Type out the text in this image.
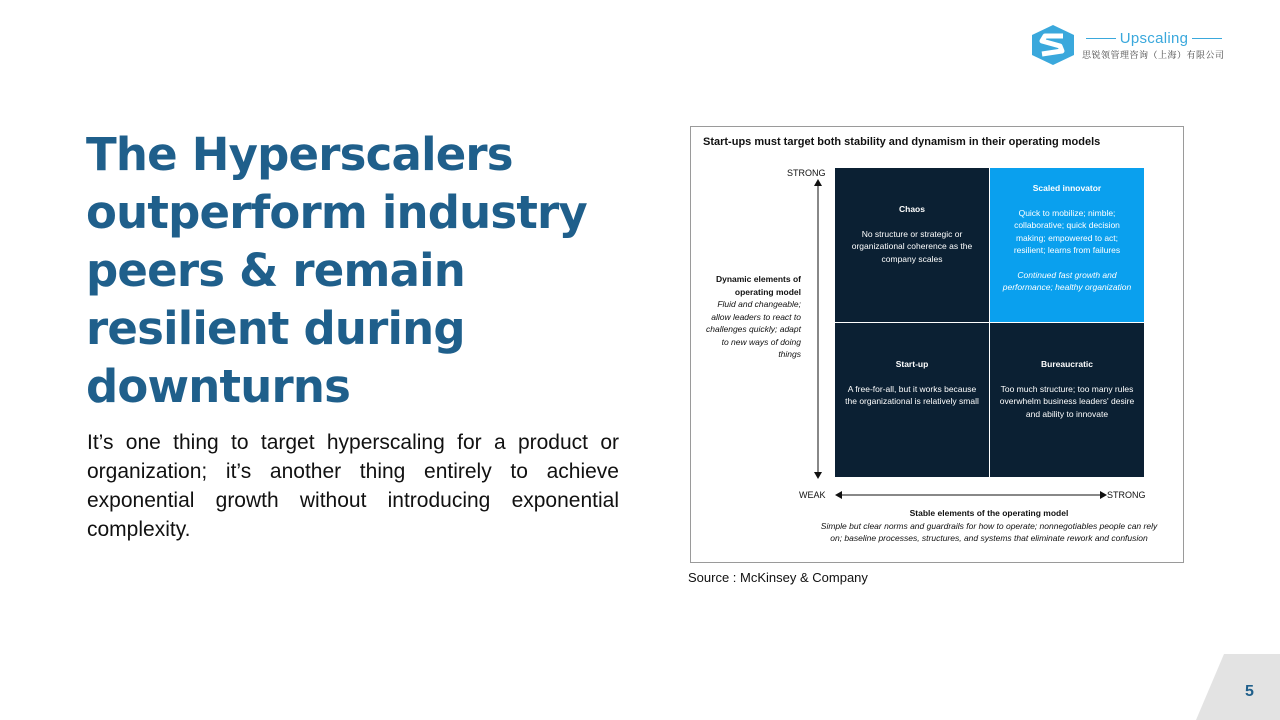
Upscaling
思锐领管理咨询（上海）有限公司
The Hyperscalers outperform industry peers & remain resilient during downturns

It’s one thing to target hyperscaling for a product or organization; it’s another thing entirely to achieve exponential growth without introducing exponential complexity.

Start-ups must target both stability and dynamism in their operating models
STRONG
Dynamic elements of operating model
Fluid and changeable; allow leaders to react to challenges quickly; adapt to new ways of doing things
Chaos
No structure or strategic or organizational coherence as the company scales
Scaled innovator
Quick to mobilize; nimble; collaborative; quick decision making; empowered to act; resilient; learns from failures
Continued fast growth and performance; healthy organization
Start-up
A free-for-all, but it works because the organizational is relatively small
Bureaucratic
Too much structure; too many rules overwhelm business leaders' desire and ability to innovate
WEAK	STRONG
Stable elements of the operating model
Simple but clear norms and guardrails for how to operate; nonnegotiables people can rely on; baseline processes, structures, and systems that eliminate rework and confusion
Source : McKinsey & Company
5
